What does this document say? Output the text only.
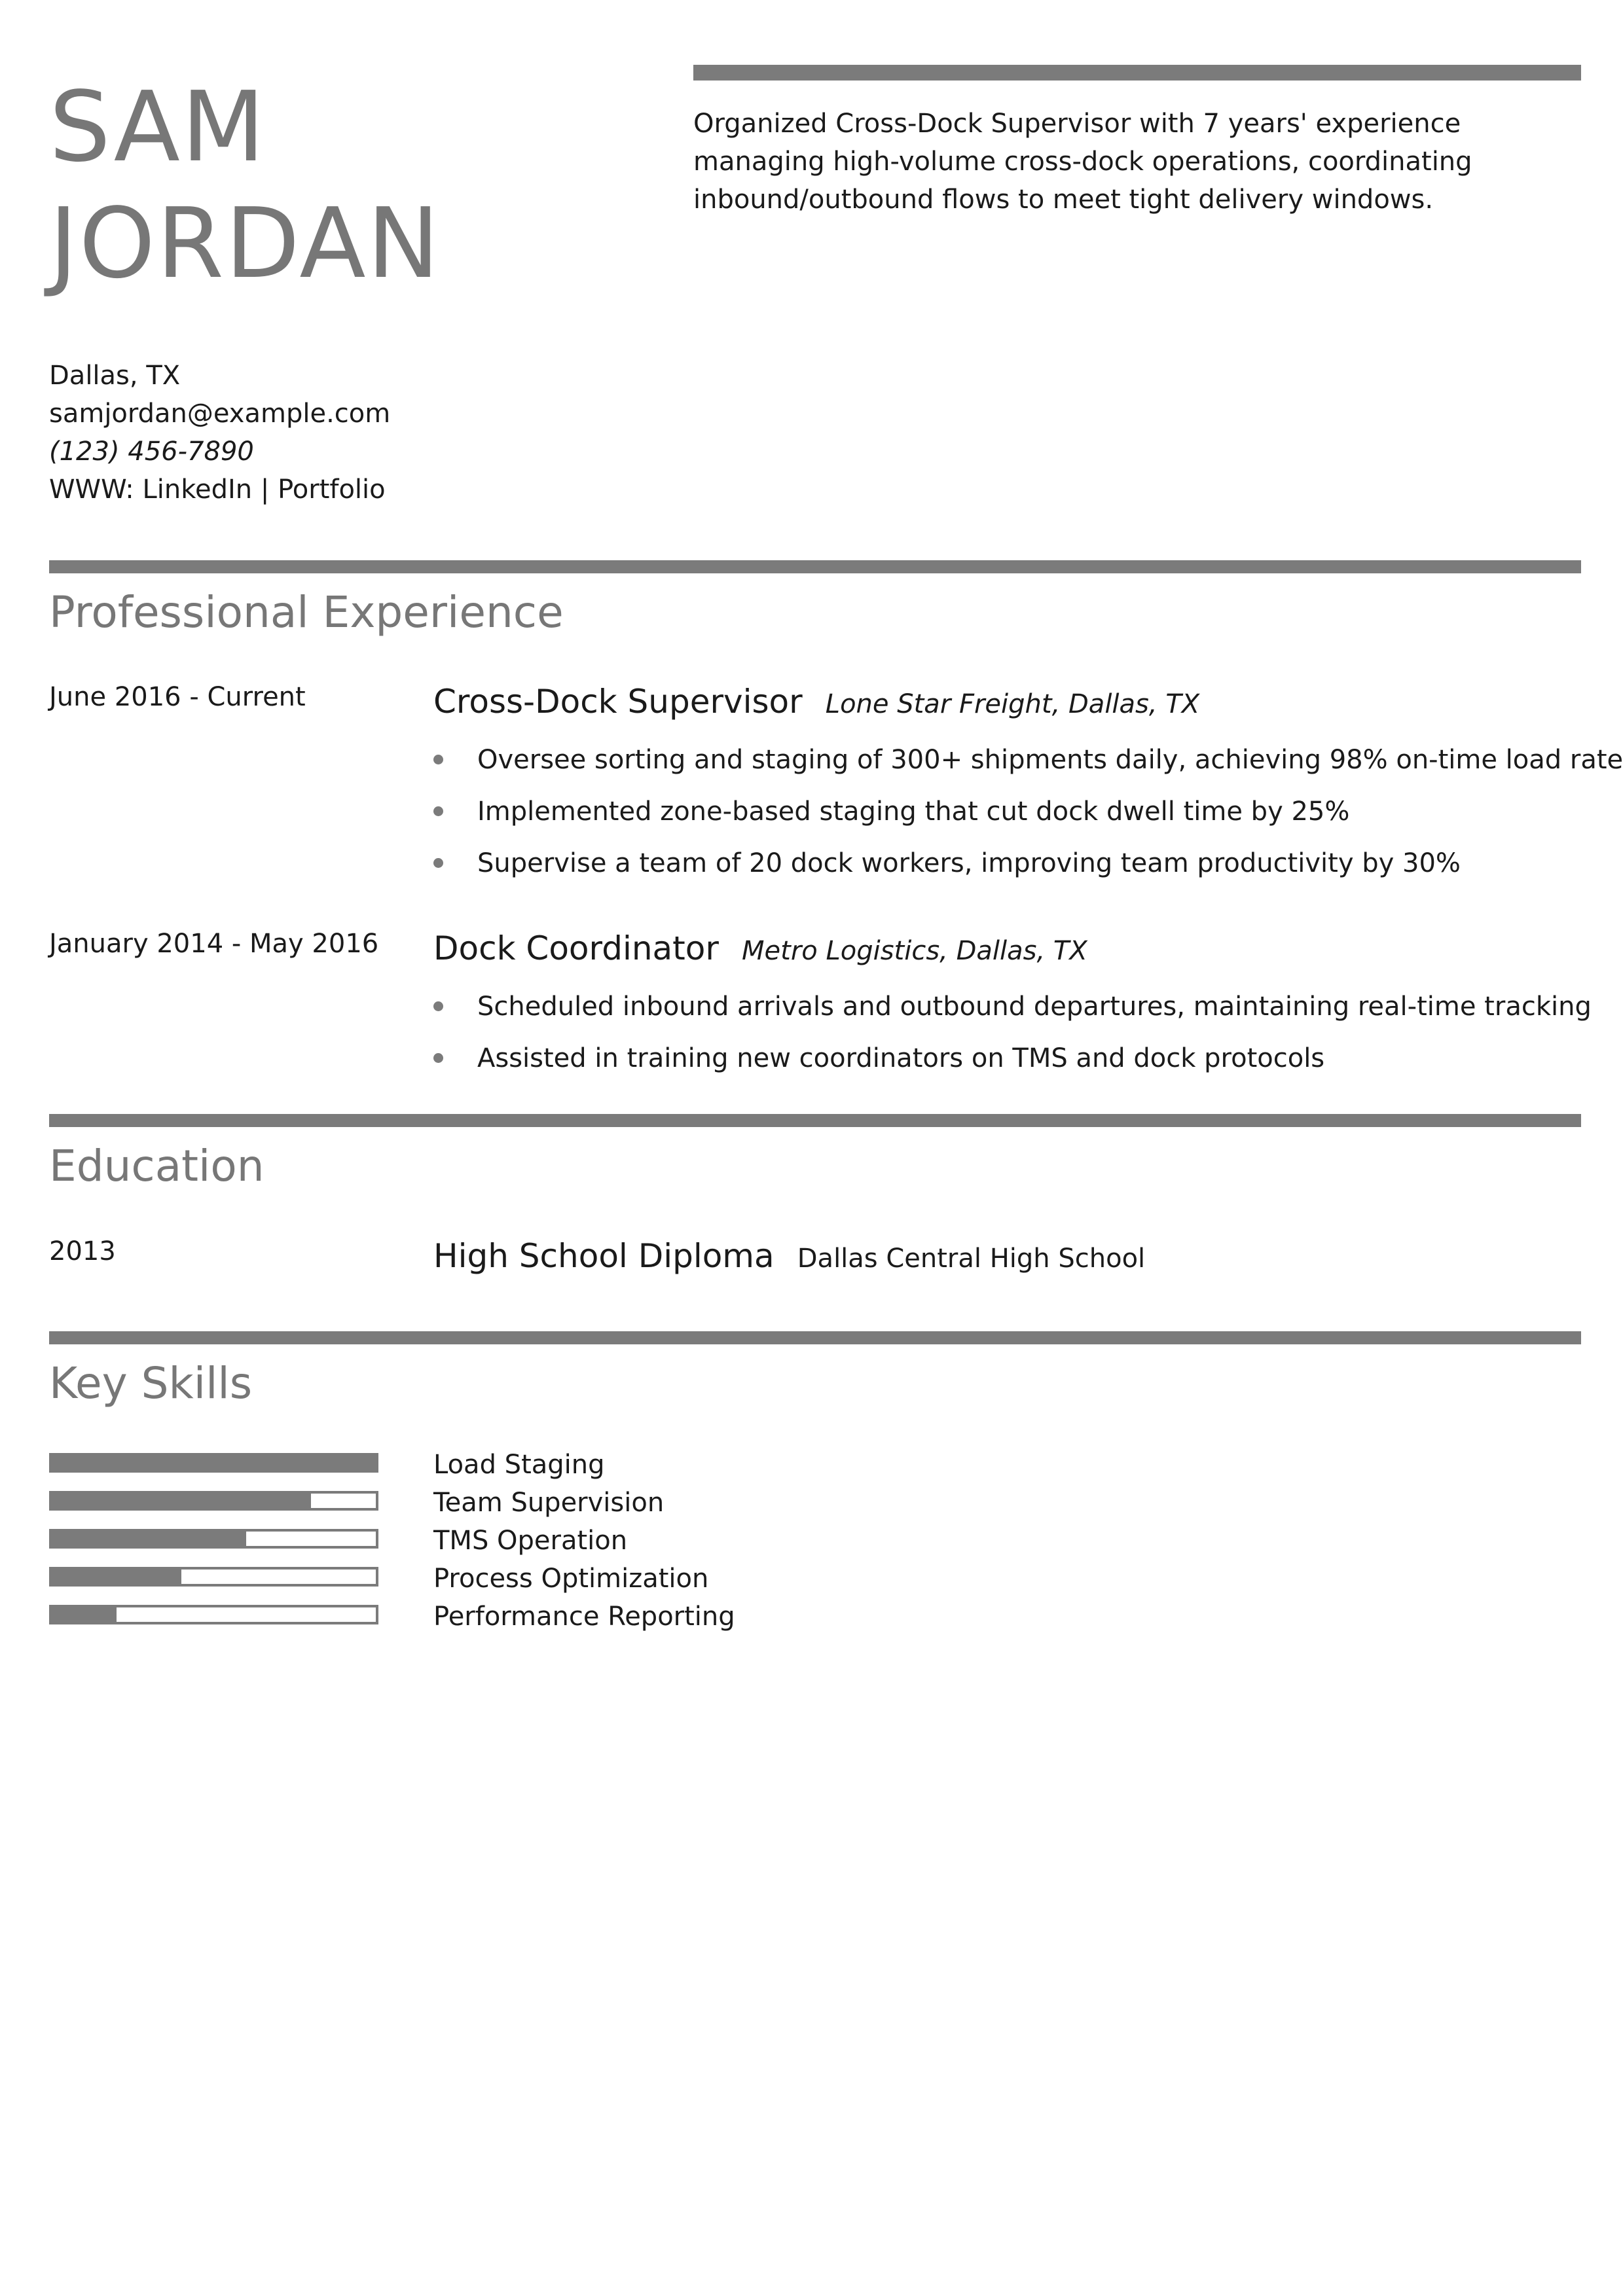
SAM
JORDAN
Organized Cross-Dock Supervisor with 7 years' experience managing high-volume cross-dock operations, coordinating inbound/outbound flows to meet tight delivery windows.
Dallas, TX
samjordan@example.com
(123) 456-7890
WWW: LinkedIn | Portfolio
Professional Experience
June 2016 - Current	Cross-Dock Supervisor Lone Star Freight, Dallas, TX
Oversee sorting and staging of 300+ shipments daily, achieving 98% on-time load rate
Implemented zone-based staging that cut dock dwell time by 25%
Supervise a team of 20 dock workers, improving team productivity by 30%
January 2014 - May 2016 Dock Coordinator Metro Logistics, Dallas, TX
Scheduled inbound arrivals and outbound departures, maintaining real-time tracking
Assisted in training new coordinators on TMS and dock protocols
Education
2013	High School Diploma Dallas Central High School
Key Skills
Load Staging
Team Supervision
TMS Operation
Process Optimization
Performance Reporting
